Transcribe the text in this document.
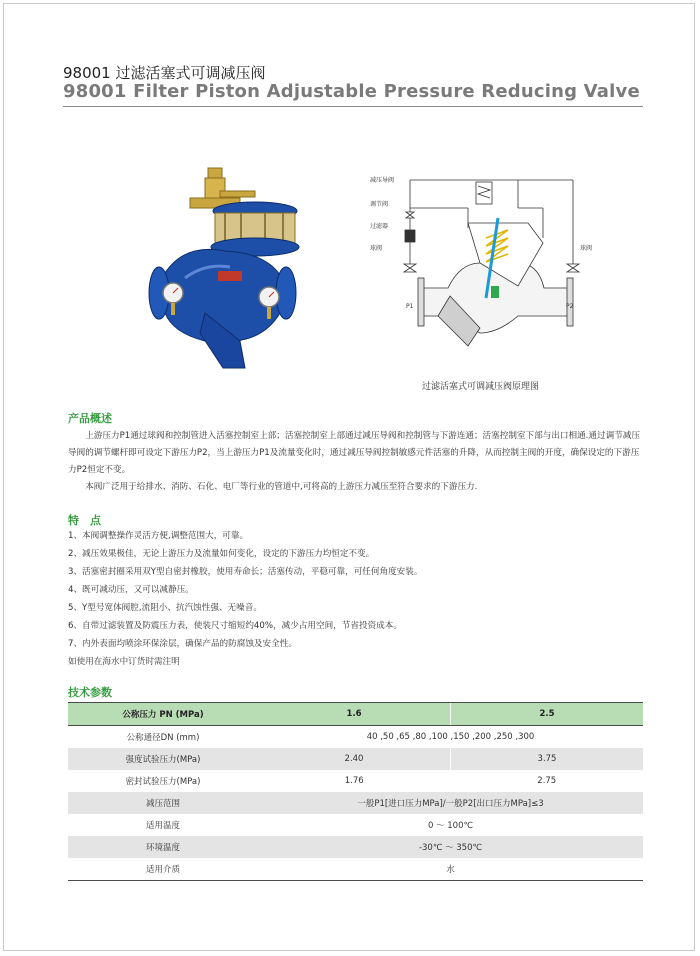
98001 过滤活塞式可调减压阀
98001 Filter Piston Adjustable Pressure Reducing Valve
减压导阀
调节阀
过滤器
球阀	球阀
P1	P2
过滤活塞式可调减压阀原理图
产品概述

上游压力P1通过球阀和控制管进入活塞控制室上部；活塞控制室上部通过减压导阀和控制管与下游连通；活塞控制室下部与出口相通.通过调节减压导阀的调节螺杆即可设定下游压力P2，当上游压力P1及流量变化时，通过减压导阀控制敏感元件活塞的升降，从而控制主阀的开度，确保设定的下游压力P2恒定不变。

本阀广泛用于给排水、消防、石化、电厂等行业的管道中,可将高的上游压力减压至符合要求的下游压力.

特　点
1、本阀调整操作灵活方便,调整范围大，可靠。
2、减压效果极佳，无论上游压力及流量如何变化，设定的下游压力均恒定不变。
3、活塞密封圈采用双Y型自密封橡胶，使用寿命长；活塞传动，平稳可靠，可任何角度安装。
4、既可减动压，又可以减静压。
5、Y型号宽体阀腔,流阻小、抗汽蚀性强、无噪音。
6、自带过滤装置及防震压力表，使装尺寸缩短约40%，减少占用空间，节省投资成本。
7、内外表面均喷涂环保涂层，确保产品的防腐蚀及安全性。
如使用在海水中订货时需注明
技术参数
公称压力 PN (MPa)	1.6	2.5
公称通径DN (mm)	40 ,50 ,65 ,80 ,100 ,150 ,200 ,250 ,300	
强度试验压力(MPa)	2.40	3.75
密封试验压力(MPa)	1.76	2.75
减压范围	一般P1[进口压力MPa]/一般P2[出口压力MPa]≤3	
适用温度	0 ～ 100℃	
环境温度	-30℃ ～ 350℃	
适用介质	水	
